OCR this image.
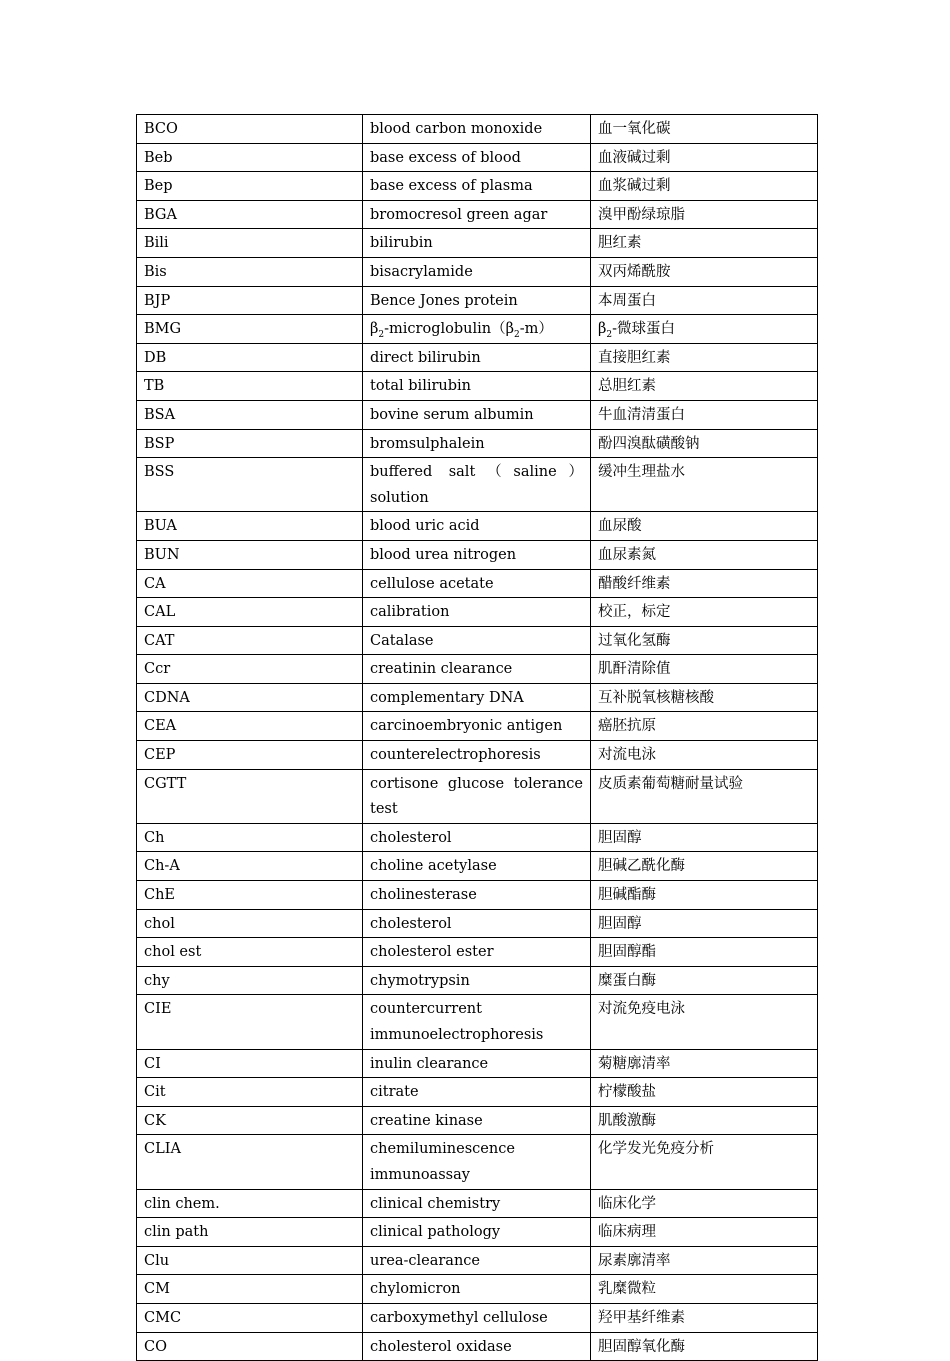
BCO	blood carbon monoxide	血一氧化碳
Beb	base excess of blood	血液碱过剩
Bep	base excess of plasma	血浆碱过剩
BGA	bromocresol green agar	溴甲酚绿琼脂
Bili	bilirubin	胆红素
Bis	bisacrylamide	双丙烯酰胺
BJP	Bence Jones protein	本周蛋白
BMG	$\beta_2-microglobulin(\beta_2-m)$	$\beta_2-$微球蛋白
DB	direct bilirubin	直接胆红素
TB	total bilirubin	总胆红素
BSA	bovine serum albumin	牛血清清蛋白
BSP	bromsulphalein	酚四溴酞磺酸钠
BSS	buffered salt（saline）solution	缓冲生理盐水
BUA	blood uric acid	血尿酸
BUN	blood urea nitrogen	血尿素氮
CA	cellulose acetate	醋酸纤维素
CAL	calibration	校正，标定
CAT	Catalase	过氧化氢酶
Ccr	creatinin clearance	肌酐清除值
CDNA	complementary DNA	互补脱氧核糖核酸
CEA	carcinoembryonic antigen	癌胚抗原
CEP	counterelectrophoresis	对流电泳
CGTT	cortisone glucose tolerance test	皮质素葡萄糖耐量试验
Ch	cholesterol	胆固醇
Ch-A	choline acetylase	胆碱乙酰化酶
ChE	cholinesterase	胆碱酯酶
chol	cholesterol	胆固醇
chol est	cholesterol ester	胆固醇酯
chy	chymotrypsin	糜蛋白酶
CIE	countercurrent immunoelectrophoresis	对流免疫电泳
CI	inulin clearance	菊糖廓清率
Cit	citrate	柠檬酸盐
CK	creatine kinase	肌酸激酶
CLIA	chemiluminescence immunoassay	化学发光免疫分析
clin chem.	clinical chemistry	临床化学
clin path	clinical pathology	临床病理
Clu	urea-clearance	尿素廓清率
CM	chylomicron	乳糜微粒
CMC	carboxymethyl cellulose	羟甲基纤维素
CO	cholesterol oxidase	胆固醇氧化酶
